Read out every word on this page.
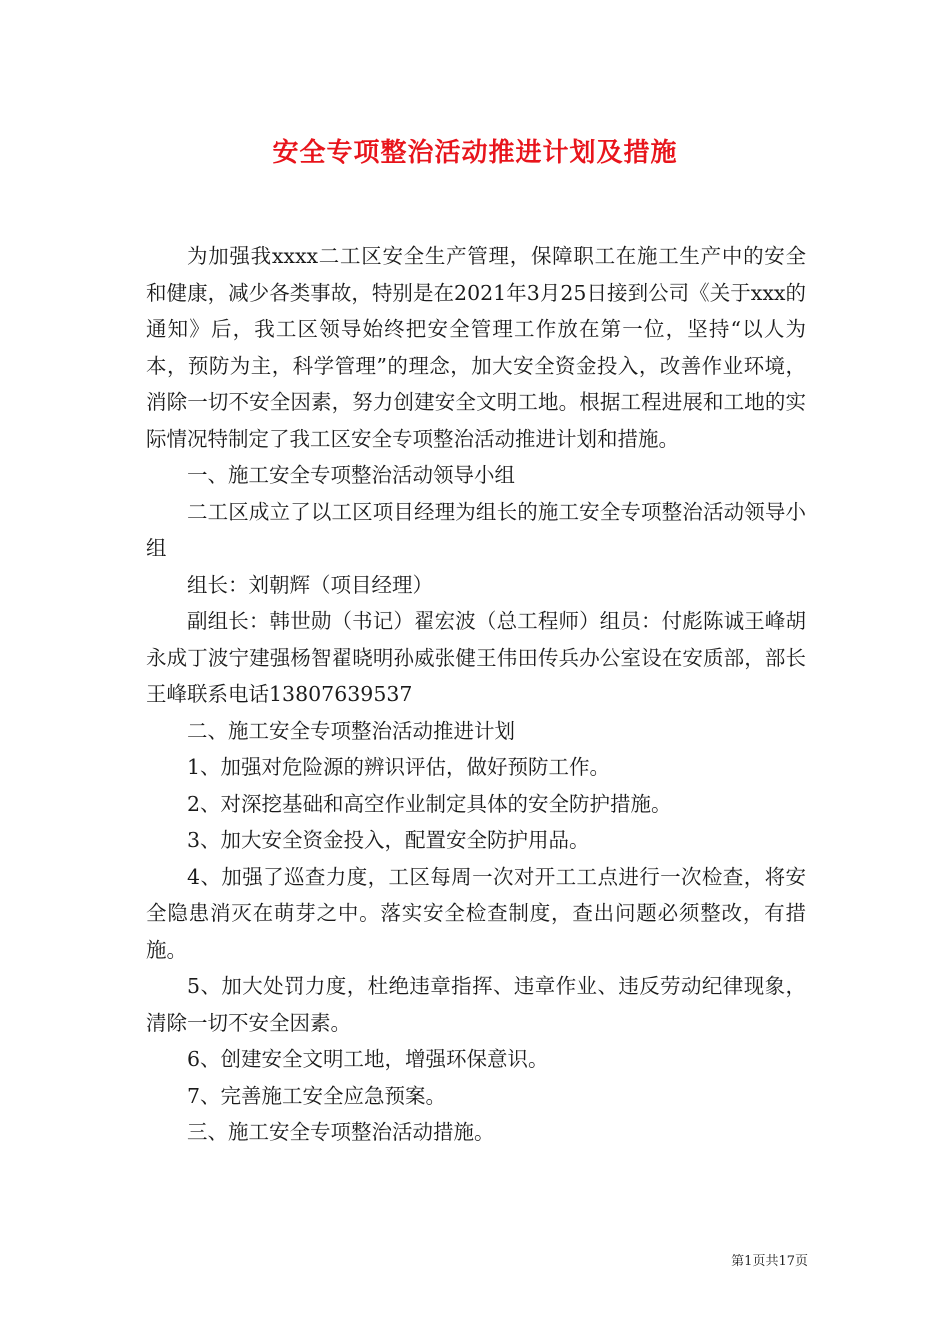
安全专项整治活动推进计划及措施

为加强我xxxx二工区安全生产管理，保障职工在施工生产中的安全和健康，减少各类事故，特别是在2021年3月25日接到公司《关于xxx的通知》后，我工区领导始终把安全管理工作放在第一位，坚持“以人为本，预防为主，科学管理”的理念，加大安全资金投入，改善作业环境，消除一切不安全因素，努力创建安全文明工地。根据工程进展和工地的实际情况特制定了我工区安全专项整治活动推进计划和措施。

一、施工安全专项整治活动领导小组

二工区成立了以工区项目经理为组长的施工安全专项整治活动领导小组

组长：刘朝辉（项目经理）

副组长：韩世勋（书记）翟宏波（总工程师）组员：付彪陈诚王峰胡永成丁波宁建强杨智翟晓明孙威张健王伟田传兵办公室设在安质部，部长王峰联系电话13807639537

二、施工安全专项整治活动推进计划

1、加强对危险源的辨识评估，做好预防工作。

2、对深挖基础和高空作业制定具体的安全防护措施。

3、加大安全资金投入，配置安全防护用品。

4、加强了巡查力度，工区每周一次对开工工点进行一次检查，将安全隐患消灭在萌芽之中。落实安全检查制度，查出问题必须整改，有措施。

5、加大处罚力度，杜绝违章指挥、违章作业、违反劳动纪律现象，清除一切不安全因素。

6、创建安全文明工地，增强环保意识。

7、完善施工安全应急预案。

三、施工安全专项整治活动措施。

第1页共17页
